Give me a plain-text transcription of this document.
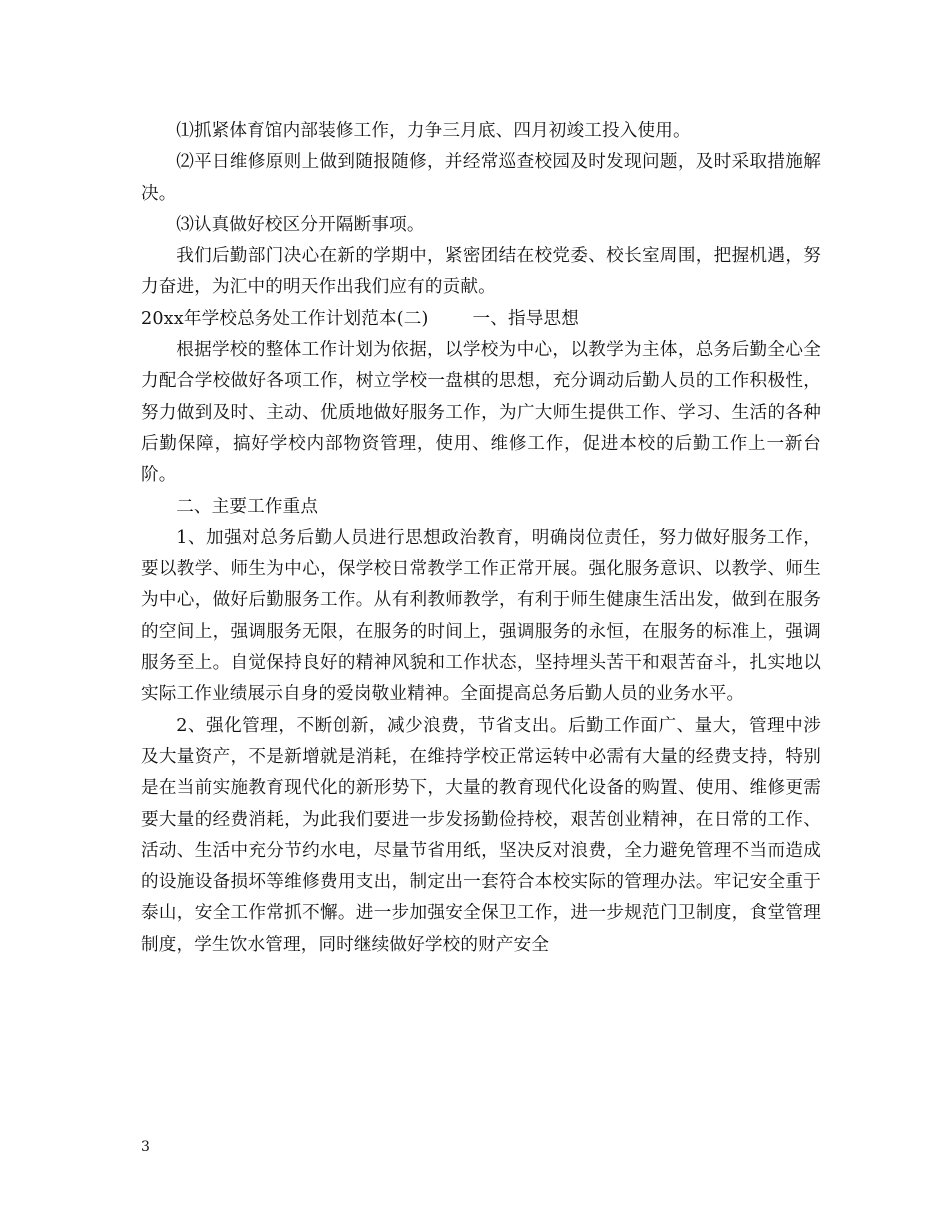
⑴抓紧体育馆内部装修工作，力争三月底、四月初竣工投入使用。

⑵平日维修原则上做到随报随修，并经常巡查校园及时发现问题，及时采取措施解决。

⑶认真做好校区分开隔断事项。

我们后勤部门决心在新的学期中，紧密团结在校党委、校长室周围，把握机遇，努力奋进，为汇中的明天作出我们应有的贡献。

20xx年学校总务处工作计划范本(二)	一、指导思想

根据学校的整体工作计划为依据，以学校为中心，以教学为主体，总务后勤全心全力配合学校做好各项工作，树立学校一盘棋的思想，充分调动后勤人员的工作积极性，努力做到及时、主动、优质地做好服务工作，为广大师生提供工作、学习、生活的各种后勤保障，搞好学校内部物资管理，使用、维修工作，促进本校的后勤工作上一新台阶。

二、主要工作重点

1、加强对总务后勤人员进行思想政治教育，明确岗位责任，努力做好服务工作，要以教学、师生为中心，保学校日常教学工作正常开展。强化服务意识、以教学、师生为中心，做好后勤服务工作。从有利教师教学，有利于师生健康生活出发，做到在服务的空间上，强调服务无限，在服务的时间上，强调服务的永恒，在服务的标准上，强调服务至上。自觉保持良好的精神风貌和工作状态，坚持埋头苦干和艰苦奋斗，扎实地以实际工作业绩展示自身的爱岗敬业精神。全面提高总务后勤人员的业务水平。

2、强化管理，不断创新，减少浪费，节省支出。后勤工作面广、量大，管理中涉及大量资产，不是新增就是消耗，在维持学校正常运转中必需有大量的经费支持，特别是在当前实施教育现代化的新形势下，大量的教育现代化设备的购置、使用、维修更需要大量的经费消耗，为此我们要进一步发扬勤俭持校，艰苦创业精神，在日常的工作、活动、生活中充分节约水电，尽量节省用纸，坚决反对浪费，全力避免管理不当而造成的设施设备损坏等维修费用支出，制定出一套符合本校实际的管理办法。牢记安全重于泰山，安全工作常抓不懈。进一步加强安全保卫工作，进一步规范门卫制度，食堂管理制度，学生饮水管理，同时继续做好学校的财产安全

3
